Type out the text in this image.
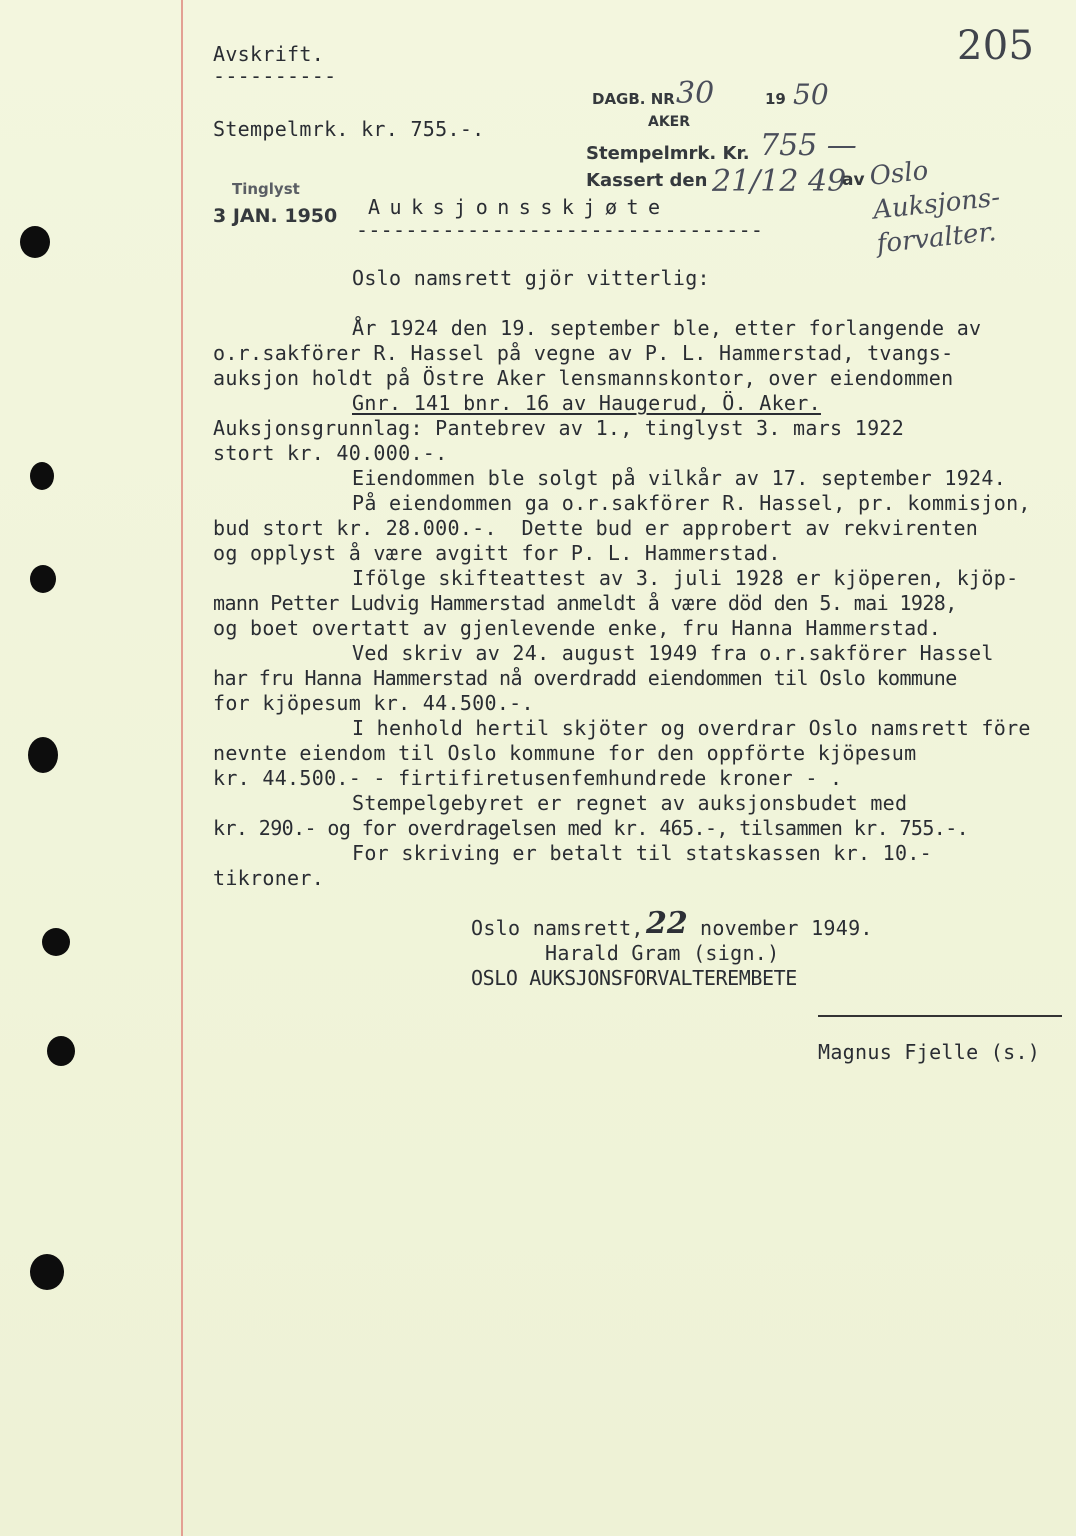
205
Avskrift.
----------
Stempelmrk. kr. 755.-.
DAGB. NR 30	19 50
AKER
Stempelmrk. Kr. 755 —
Kassert den 21/12 49
av Oslo Auksjons-forvalter.
Tinglyst
3 JAN. 1950 Auksjonsskjøte
---------------------------------
Oslo namsrett gjör vitterlig:
År 1924 den 19. september ble, etter forlangende av
o.r.sakförer R. Hassel på vegne av P. L. Hammerstad, tvangs-
auksjon holdt på Östre Aker lensmannskontor, over eiendommen
Gnr. 141 bnr. 16 av Haugerud, Ö. Aker.
Auksjonsgrunnlag: Pantebrev av 1., tinglyst 3. mars 1922
stort kr. 40.000.-.
Eiendommen ble solgt på vilkår av 17. september 1924.
På eiendommen ga o.r.sakförer R. Hassel, pr. kommisjon,
bud stort kr. 28.000.-.  Dette bud er approbert av rekvirenten
og opplyst å være avgitt for P. L. Hammerstad.
Ifölge skifteattest av 3. juli 1928 er kjöperen, kjöp-
mann Petter Ludvig Hammerstad anmeldt å være död den 5. mai 1928,
og boet overtatt av gjenlevende enke, fru Hanna Hammerstad.
Ved skriv av 24. august 1949 fra o.r.sakförer Hassel
har fru Hanna Hammerstad nå overdradd eiendommen til Oslo kommune
for kjöpesum kr. 44.500.-.
I henhold hertil skjöter og overdrar Oslo namsrett före
nevnte eiendom til Oslo kommune for den oppförte kjöpesum
kr. 44.500.- - firtifiretusenfemhundrede kroner - .
Stempelgebyret er regnet av auksjonsbudet med
kr. 290.- og for overdragelsen med kr. 465.-, tilsammen kr. 755.-.
For skriving er betalt til statskassen kr. 10.-
tikroner.
Oslo namsrett, 22 november 1949.
Harald Gram (sign.)
OSLO AUKSJONSFORVALTEREMBETE
Magnus Fjelle (s.)
